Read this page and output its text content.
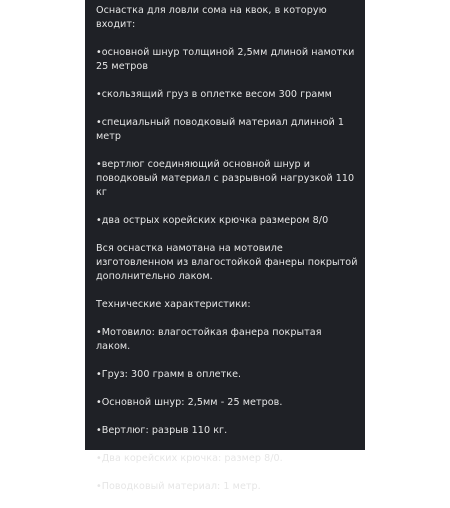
Оснастка для ловли сома на квок, в которую входит:

•основной шнур толщиной 2,5мм длиной намотки 25 метров

•скользящий груз в оплетке весом 300 грамм

•специальный поводковый материал длинной 1 метр

•вертлюг соединяющий основной шнур и поводковый материал с разрывной нагрузкой 110 кг

•два острых корейских крючка размером 8/0

Вся оснастка намотана на мотовиле изготовленном из влагостойкой фанеры покрытой дополнительно лаком.

Технические характеристики:

•Мотовило: влагостойкая фанера покрытая лаком.

•Груз: 300 грамм в оплетке.

•Основной шнур: 2,5мм - 25 метров.

•Вертлюг: разрыв 110 кг.

•Два корейских крючка: размер 8/0.

•Поводковый материал: 1 метр.
